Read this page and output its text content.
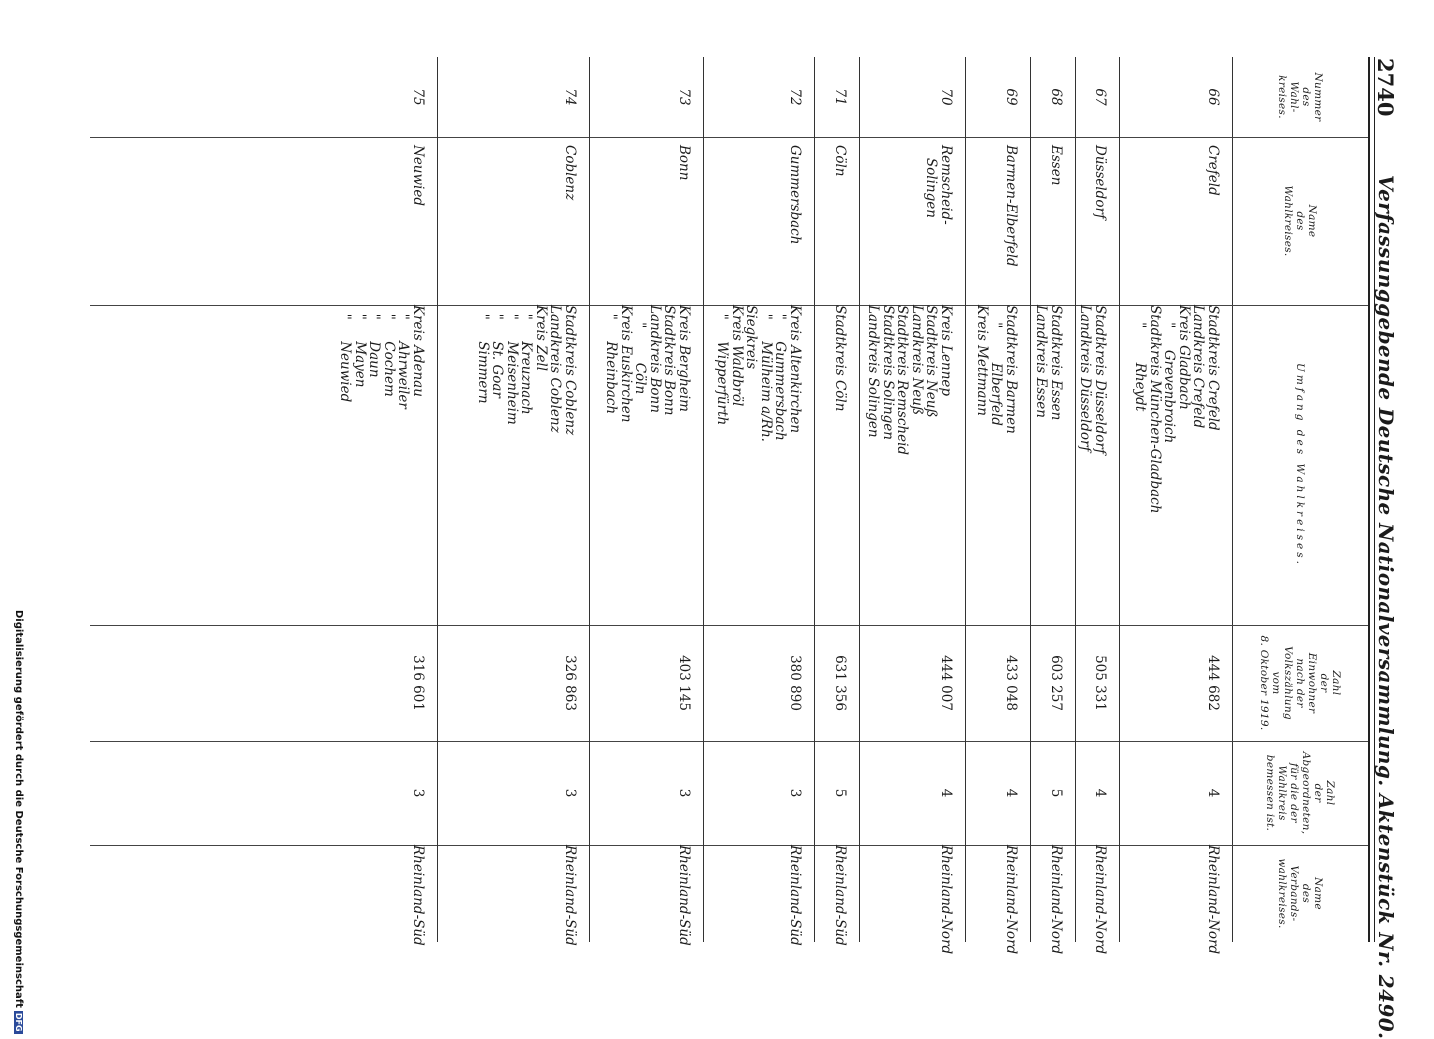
2740
Verfassunggebende Deutsche Nationalversammlung. Aktenstück Nr. 2490.
Nummer
des
Wahl-
kreises.
Name
des
Wahlkreises.
Umfang des Wahlkreises.
Zahl
der
Einwohner
nach der
Volkszählung
vom
8. Oktober 1919.
Zahl
der
Abgeordneten,
für die der
Wahlkreis
bemessen ist.
Name
des
Verbands-
wahlkreises.
66
Crefeld
Stadtkreis Crefeld
Landkreis Crefeld
Kreis Gladbach
"     Grevenbroich
Stadtkreis München-Gladbach
"        Rheydt
444 682
4
Rheinland-Nord
67
Düsseldorf
Stadtkreis Düsseldorf
Landkreis Düsseldorf
505 331
4
Rheinland-Nord
68
Essen
Stadtkreis Essen
Landkreis Essen
603 257
5
Rheinland-Nord
69
Barmen-Elberfeld
Stadtkreis Barmen
"        Elberfeld
Kreis Mettmann
433 048
4
Rheinland-Nord
70
Remscheid-
Solingen
Kreis Lennep
Stadtkreis Neuß
Landkreis Neuß
Stadtkreis Remscheid
Stadtkreis Solingen
Landkreis Solingen
444 007
4
Rheinland-Nord
71
Cöln
Stadtkreis Cöln
631 356
5
Rheinland-Süd
72
Gummersbach
Kreis Altenkirchen
"     Gummersbach
"     Mülheim a/Rh.
Siegkreis
Kreis Waldbröl
"     Wipperfürth
380 890
3
Rheinland-Süd
73
Bonn
Kreis Bergheim
Stadtkreis Bonn
Landkreis Bonn
"        Cöln
Kreis Euskirchen
"     Rheinbach
403 145
3
Rheinland-Süd
74
Coblenz
Stadtkreis Coblenz
Landkreis Coblenz
Kreis Zell
"     Kreuznach
"     Meisenheim
"     St. Goar
"     Simmern
326 863
3
Rheinland-Süd
75
Neuwied
Kreis Adenau
"     Ahrweiler
"     Cochem
"     Daun
"     Mayen
"     Neuwied
316 601
3
Rheinland-Süd
Digitalisierung gefördert durch die Deutsche ForschungsgemeinschaftDFG
